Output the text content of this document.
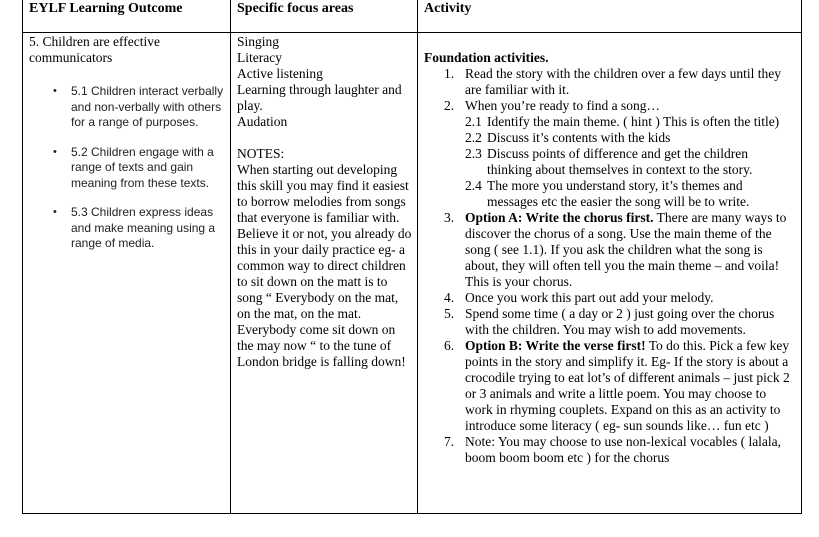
EYLF Learning Outcome	Specific focus areas	Activity
5. Children are effective communicators
• 5.1 Children interact verbally and non-verbally with others for a range of purposes.
• 5.2 Children engage with a range of texts and gain meaning from these texts.
• 5.3 Children express ideas and make meaning using a range of media.
Singing
Literacy
Active listening
Learning through laughter and play.
Audation
NOTES:
When starting out developing this skill you may find it easiest to borrow melodies from songs that everyone is familiar with. Believe it or not, you already do this in your daily practice eg- a common way to direct children to sit down on the matt is to song “ Everybody on the mat, on the mat, on the mat. Everybody come sit down on the may now “ to the tune of London bridge is falling down!
Foundation activities.
1. Read the story with the children over a few days until they are familiar with it.
2. When you’re ready to find a song…
2.1 Identify the main theme. ( hint ) This is often the title)
2.2 Discuss it’s contents with the kids
2.3 Discuss points of difference and get the children thinking about themselves in context to the story.
2.4 The more you understand story, it’s themes and messages etc the easier the song will be to write.
3. Option A: Write the chorus first. There are many ways to discover the chorus of a song. Use the main theme of the song ( see 1.1). If you ask the children what the song is about, they will often tell you the main theme – and voila! This is your chorus.
4. Once you work this part out add your melody.
5. Spend some time ( a day or 2 ) just going over the chorus with the children. You may wish to add movements.
6. Option B: Write the verse first! To do this. Pick a few key points in the story and simplify it. Eg- If the story is about a crocodile trying to eat lot’s of different animals – just pick 2 or 3 animals and write a little poem. You may choose to work in rhyming couplets. Expand on this as an activity to introduce some literacy ( eg- sun sounds like… fun etc )
7. Note: You may choose to use non-lexical vocables ( lalala, boom boom boom etc ) for the chorus
